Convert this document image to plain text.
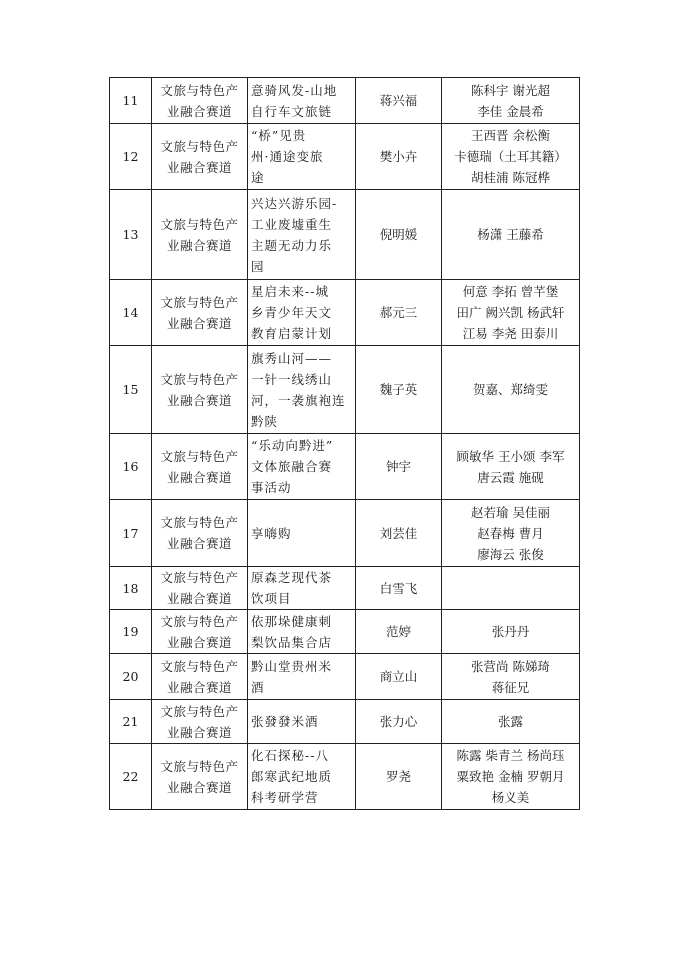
11	文旅与特色产
业融合赛道	意骑风发-山地
自行车文旅链	蒋兴福	陈科宇 谢光超
李佳 金晨希

12	文旅与特色产
业融合赛道	“桥”见贵
州·通途变旅
途	樊小卉	王西晋 余松衡
卡德瑞（土耳其籍）
胡桂浦 陈冠桦

13	文旅与特色产
业融合赛道	兴达兴游乐园-
工业废墟重生
主题无动力乐
园	倪明媛	杨潇 王藤希

14	文旅与特色产
业融合赛道	星启未来--城
乡青少年天文
教育启蒙计划	郝元三	何意 李拓 曾芊堡
田广 阙兴凯 杨武轩
江易 李尧 田泰川

15	文旅与特色产
业融合赛道	旗秀山河——
一针一线绣山
河，一袭旗袍连
黔陕	魏子英	贺嘉、郑绮雯

16	文旅与特色产
业融合赛道	“乐动向黔进”
文体旅融合赛
事活动	钟宇	顾敏华 王小颂 李军
唐云霞 施砚

17	文旅与特色产
业融合赛道	享嗨购	刘芸佳	赵若瑜 吴佳丽
赵春梅 曹月
廖海云 张俊

18	文旅与特色产
业融合赛道	原森芝现代茶
饮项目	白雪飞	

19	文旅与特色产
业融合赛道	依那垛健康刺
梨饮品集合店	范婷	张丹丹

20	文旅与特色产
业融合赛道	黔山堂贵州米
酒	商立山	张营尚 陈娣琦
蒋征兄

21	文旅与特色产
业融合赛道	张發發米酒	张力心	张露

22	文旅与特色产
业融合赛道	化石探秘--八
郎寒武纪地质
科考研学营	罗尧	陈露 柴青兰 杨尚珏
粟致艳 金楠 罗朝月
杨义美
